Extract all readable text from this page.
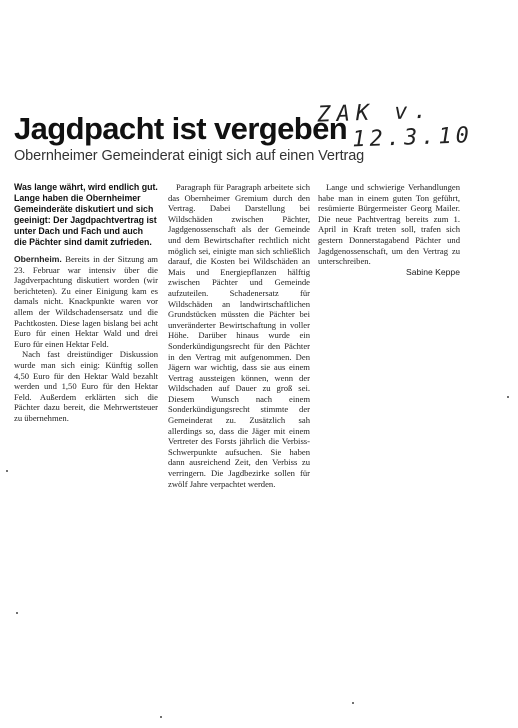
Jagdpacht ist vergeben
ZAK v.
12.3.10
Obernheimer Gemeinderat einigt sich auf einen Vertrag
Was lange währt, wird endlich gut. Lange haben die Obernheimer Gemeinderäte diskutiert und sich geeinigt: Der Jagdpachtvertrag ist unter Dach und Fach und auch die Pächter sind damit zufrieden.

Obernheim. Bereits in der Sitzung am 23. Februar war intensiv über die Jagdverpachtung diskutiert worden (wir berichteten). Zu einer Einigung kam es damals nicht. Knackpunkte waren vor allem der Wildschadensersatz und die Pachtkosten. Diese lagen bislang bei acht Euro für einen Hektar Wald und drei Euro für einen Hektar Feld.

Nach fast dreistündiger Diskussion wurde man sich einig: Künftig sollen 4,50 Euro für den Hektar Wald bezahlt werden und 1,50 Euro für den Hektar Feld. Außerdem erklärten sich die Pächter dazu bereit, die Mehrwertsteuer zu übernehmen.

Paragraph für Paragraph arbeitete sich das Obernheimer Gremium durch den Vertrag. Dabei Darstellung bei Wildschäden zwischen Pächter, Jagdgenossenschaft als der Gemeinde und dem Bewirtschafter rechtlich nicht möglich sei, einigte man sich schließlich darauf, die Kosten bei Wildschäden an Mais und Energiepflanzen hälftig zwischen Pächter und Gemeinde aufzuteilen. Schadenersatz für Wildschäden an landwirtschaftlichen Grundstücken müssten die Pächter bei unveränderter Bewirtschaftung in voller Höhe. Darüber hinaus wurde ein Sonderkündigungsrecht für den Pächter in den Vertrag mit aufgenommen. Den Jägern war wichtig, dass sie aus einem Vertrag aussteigen können, wenn der Wildschaden auf Dauer zu groß sei. Diesem Wunsch nach einem Sonderkündigungsrecht stimmte der Gemeinderat zu. Zusätzlich sah allerdings so, dass die Jäger mit einem Vertreter des Forsts jährlich die Verbiss-Schwerpunkte aufsuchen. Sie haben dann ausreichend Zeit, den Verbiss zu verringern. Die Jagdbezirke sollen für zwölf Jahre verpachtet werden.

Lange und schwierige Verhandlungen habe man in einem guten Ton geführt, resümierte Bürgermeister Georg Mailer. Die neue Pachtvertrag bereits zum 1. April in Kraft treten soll, trafen sich gestern Donnerstagabend Pächter und Jagdgenossenschaft, um den Vertrag zu unterschreiben.

Sabine Keppe
